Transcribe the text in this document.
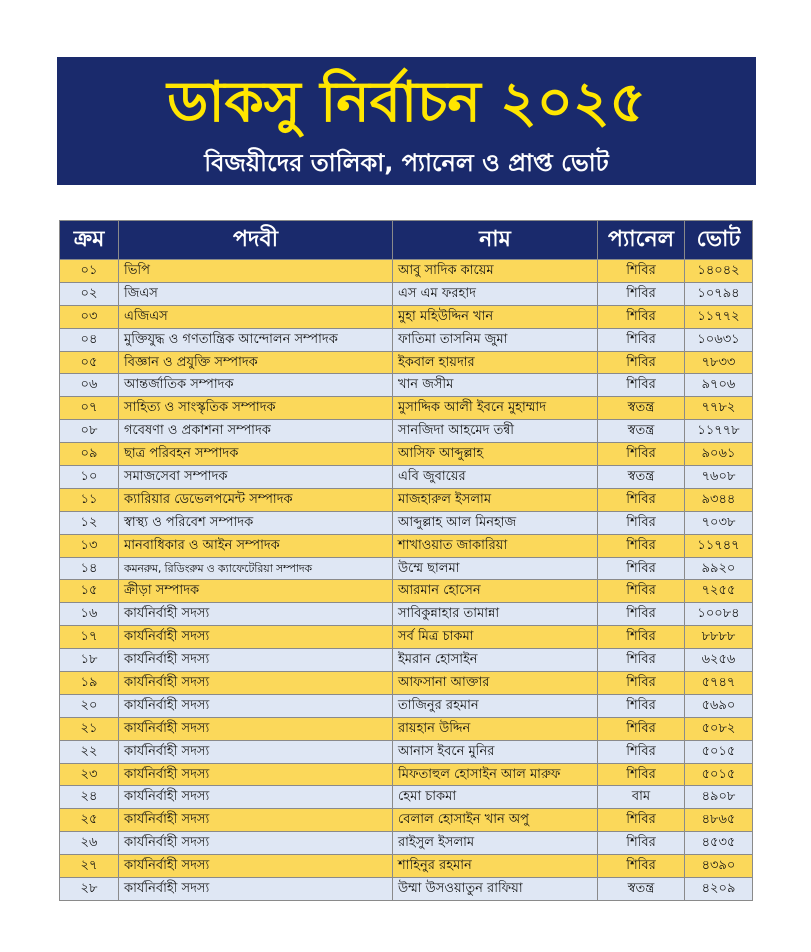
ডাকসু নির্বাচন ২০২৫
বিজয়ীদের তালিকা, প্যানেল ও প্রাপ্ত ভোট
ক্রম	পদবী	নাম	প্যানেল	ভোট
০১	ভিপি	আবু সাদিক কায়েম	শিবির	১৪০৪২
০২	জিএস	এস এম ফরহাদ	শিবির	১০৭৯৪
০৩	এজিএস	মুহা মহিউদ্দিন খান	শিবির	১১৭৭২
০৪	মুক্তিযুদ্ধ ও গণতান্ত্রিক আন্দোলন সম্পাদক	ফাতিমা তাসনিম জুমা	শিবির	১০৬৩১
০৫	বিজ্ঞান ও প্রযুক্তি সম্পাদক	ইকবাল হায়দার	শিবির	৭৮৩৩
০৬	আন্তর্জাতিক সম্পাদক	খান জসীম	শিবির	৯৭০৬
০৭	সাহিত্য ও সাংস্কৃতিক সম্পাদক	মুসাদ্দিক আলী ইবনে মুহাম্মাদ	স্বতন্ত্র	৭৭৮২
০৮	গবেষণা ও প্রকাশনা সম্পাদক	সানজিদা আহমেদ তন্বী	স্বতন্ত্র	১১৭৭৮
০৯	ছাত্র পরিবহন সম্পাদক	আসিফ আব্দুল্লাহ	শিবির	৯০৬১
১০	সমাজসেবা সম্পাদক	এবি জুবায়ের	স্বতন্ত্র	৭৬০৮
১১	ক্যারিয়ার ডেভেলপমেন্ট সম্পাদক	মাজহারুল ইসলাম	শিবির	৯৩৪৪
১২	স্বাস্থ্য ও পরিবেশ সম্পাদক	আব্দুল্লাহ আল মিনহাজ	শিবির	৭০৩৮
১৩	মানবাধিকার ও আইন সম্পাদক	শাখাওয়াত জাকারিয়া	শিবির	১১৭৪৭
১৪	কমনরুম, রিডিংরুম ও ক্যাফেটেরিয়া সম্পাদক	উম্মে ছালমা	শিবির	৯৯২০
১৫	ক্রীড়া সম্পাদক	আরমান হোসেন	শিবির	৭২৫৫
১৬	কার্যনির্বাহী সদস্য	সাবিকুন্নাহার তামান্না	শিবির	১০০৮৪
১৭	কার্যনির্বাহী সদস্য	সর্ব মিত্র চাকমা	শিবির	৮৮৮৮
১৮	কার্যনির্বাহী সদস্য	ইমরান হোসাইন	শিবির	৬২৫৬
১৯	কার্যনির্বাহী সদস্য	আফসানা আক্তার	শিবির	৫৭৪৭
২০	কার্যনির্বাহী সদস্য	তাজিনুর রহমান	শিবির	৫৬৯০
২১	কার্যনির্বাহী সদস্য	রায়হান উদ্দিন	শিবির	৫০৮২
২২	কার্যনির্বাহী সদস্য	আনাস ইবনে মুনির	শিবির	৫০১৫
২৩	কার্যনির্বাহী সদস্য	মিফতাহুল হোসাইন আল মারুফ	শিবির	৫০১৫
২৪	কার্যনির্বাহী সদস্য	হেমা চাকমা	বাম	৪৯০৮
২৫	কার্যনির্বাহী সদস্য	বেলাল হোসাইন খান অপু	শিবির	৪৮৬৫
২৬	কার্যনির্বাহী সদস্য	রাইসুল ইসলাম	শিবির	৪৫৩৫
২৭	কার্যনির্বাহী সদস্য	শাহিনুর রহমান	শিবির	৪৩৯০
২৮	কার্যনির্বাহী সদস্য	উম্মা উসওয়াতুন রাফিয়া	স্বতন্ত্র	৪২০৯
